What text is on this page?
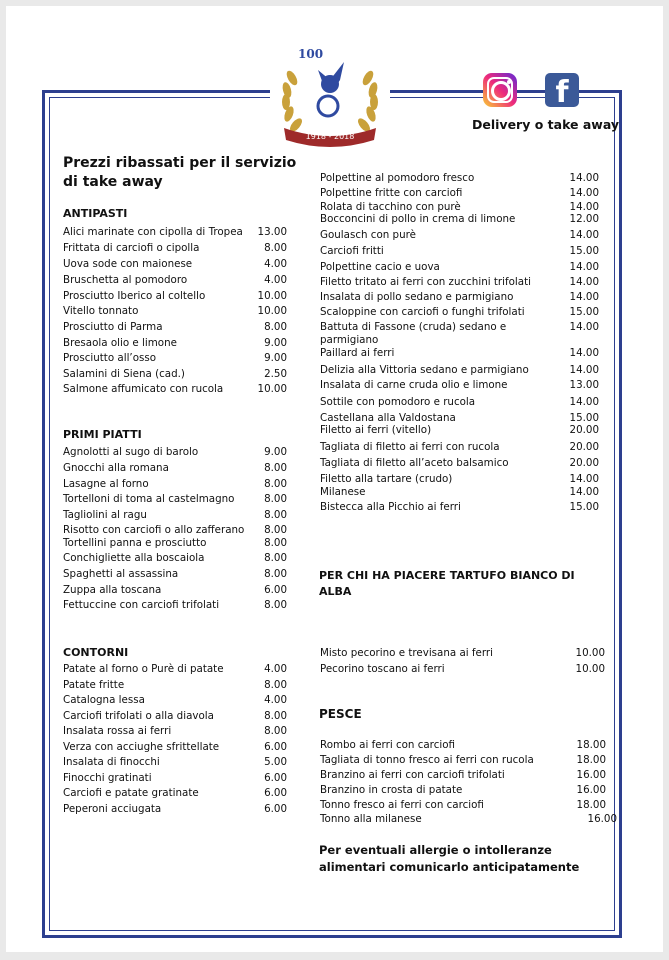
1918 - 2018
100
f
Delivery o take away
Prezzi ribassati per il servizio di take away
ANTIPASTI
PRIMI PIATTI
CONTORNI
PER CHI HA PIACERE TARTUFO BIANCO DI ALBA
PESCE
Per eventuali allergie o intolleranze alimentari comunicarlo anticipatamente
Alici marinate con cipolla di Tropea 13.00
Frittata di carciofi o cipolla	8.00
Uova sode con maionese	4.00
Bruschetta al pomodoro	4.00
Prosciutto Iberico al coltello	10.00
Vitello tonnato	10.00
Prosciutto di Parma	8.00
Bresaola olio e limone	9.00
Prosciutto all’osso	9.00
Salamini di Siena (cad.)	2.50
Salmone affumicato con rucola	10.00
Agnolotti al sugo di barolo	9.00
Gnocchi alla romana	8.00
Lasagne al forno	8.00
Tortelloni di toma al castelmagno	8.00
Tagliolini al ragu	8.00
Risotto con carciofi o allo zafferano 8.00
Tortellini panna e prosciutto	8.00
Conchigliette alla boscaiola	8.00
Spaghetti al assassina	8.00
Zuppa alla toscana	6.00
Fettuccine con carciofi trifolati	8.00
Patate al forno o Purè di patate	4.00
Patate fritte	8.00
Catalogna lessa	4.00
Carciofi trifolati o alla diavola	8.00
Insalata rossa ai ferri	8.00
Verza con acciughe sfrittellate	6.00
Insalata di finocchi	5.00
Finocchi gratinati	6.00
Carciofi e patate gratinate	6.00
Peperoni acciugata	6.00
Polpettine al pomodoro fresco	14.00
Polpettine fritte con carciofi	14.00
Rolata di tacchino con purè	14.00
Bocconcini di pollo in crema di limone	12.00
Goulasch con purè	14.00
Carciofi fritti	15.00
Polpettine cacio e uova	14.00
Filetto tritato ai ferri con zucchini trifolati	14.00
Insalata di pollo sedano e parmigiano	14.00
Scaloppine con carciofi o funghi trifolati	15.00
Battuta di Fassone (cruda) sedano e	14.00
parmigiano
Paillard ai ferri	14.00
Delizia alla Vittoria sedano e parmigiano	14.00
Insalata di carne cruda olio e limone	13.00
Sottile con pomodoro e rucola	14.00
Castellana alla Valdostana	15.00
Filetto ai ferri (vitello)	20.00
Tagliata di filetto ai ferri con rucola	20.00
Tagliata di filetto all’aceto balsamico	20.00
Filetto alla tartare (crudo)	14.00
Milanese	14.00
Bistecca alla Picchio ai ferri	15.00
Misto pecorino e trevisana ai ferri	10.00
Pecorino toscano ai ferri	10.00
Rombo ai ferri con carciofi	18.00
Tagliata di tonno fresco ai ferri con rucola	18.00
Branzino ai ferri con carciofi trifolati	16.00
Branzino in crosta di patate	16.00
Tonno fresco ai ferri con carciofi	18.00
Tonno alla milanese	16.00
